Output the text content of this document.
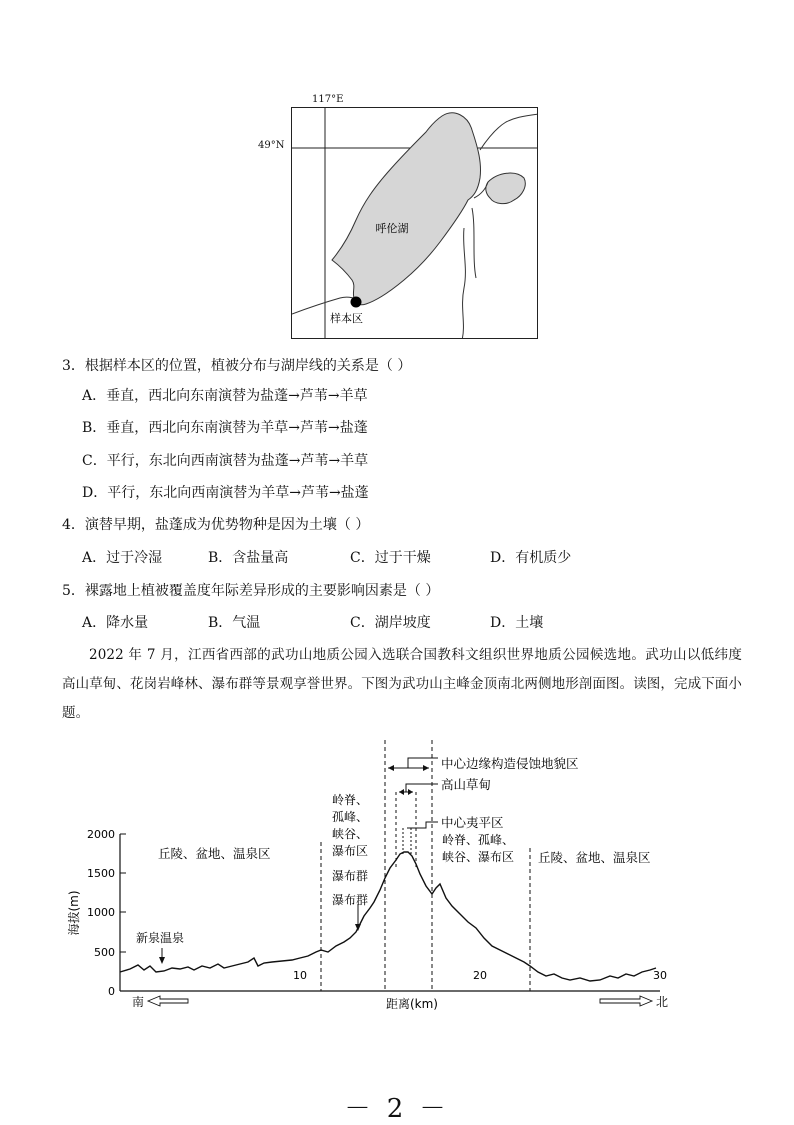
117°E
49°N
呼伦湖
样本区
3．根据样本区的位置，植被分布与湖岸线的关系是（ ）
A．垂直，西北向东南演替为盐蓬→芦苇→羊草
B．垂直，西北向东南演替为羊草→芦苇→盐蓬
C．平行，东北向西南演替为盐蓬→芦苇→羊草
D．平行，东北向西南演替为羊草→芦苇→盐蓬
4．演替早期，盐蓬成为优势物种是因为土壤（ ）
A．过于冷湿	B．含盐量高	C．过于干燥	D．有机质少
5．裸露地上植被覆盖度年际差异形成的主要影响因素是（ ）
A．降水量	B．气温	C．湖岸坡度	D．土壤

2022 年 7 月，江西省西部的武功山地质公园入选联合国教科文组织世界地质公园候选地。武功山以低纬度高山草甸、花岗岩峰林、瀑布群等景观享誉世界。下图为武功山主峰金顶南北两侧地形剖面图。读图，完成下面小题。

2000
1500
1000
500
0
海拔(m)
10	20	30
距离(km)
南	北
丘陵、盆地、温泉区	丘陵、盆地、温泉区
岭脊、
孤峰、
峡谷、
瀑布区
岭脊、孤峰、
峡谷、瀑布区
中心边缘构造侵蚀地貌区
高山草甸
中心夷平区
瀑布群
瀑布群
新泉温泉
－ 2 －
